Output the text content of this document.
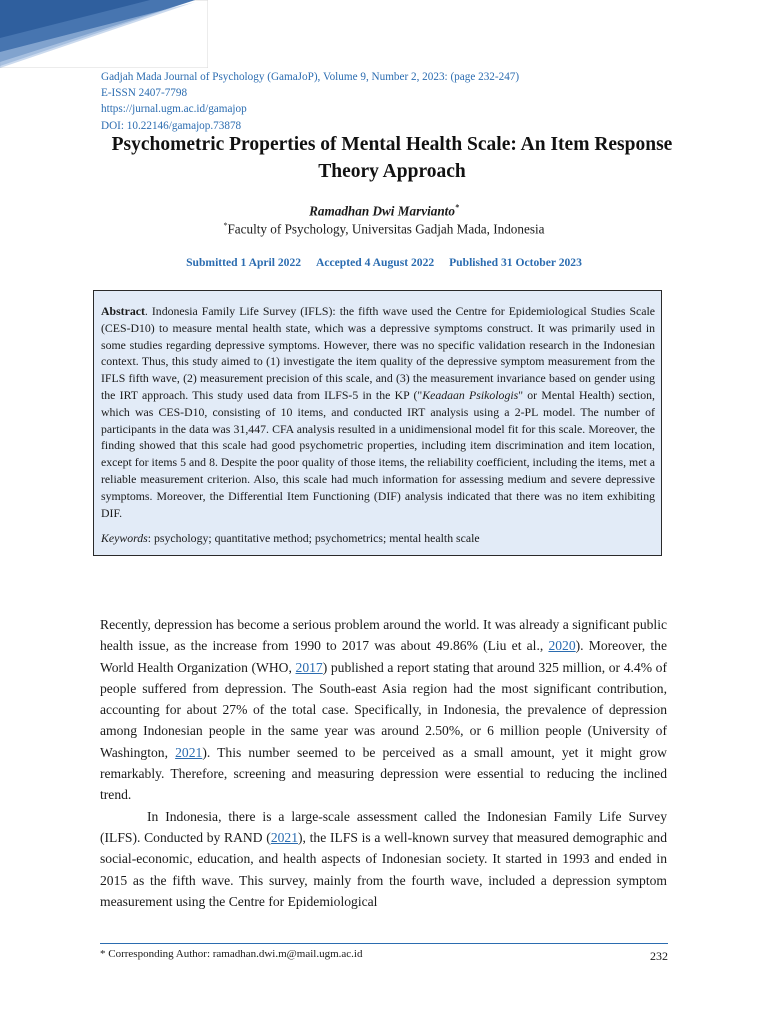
Gadjah Mada Journal of Psychology (GamaJoP), Volume 9, Number 2, 2023: (page 232-247)
E-ISSN 2407-7798
https://jurnal.ugm.ac.id/gamajop
DOI: 10.22146/gamajop.73878
Psychometric Properties of Mental Health Scale: An Item Response Theory Approach
Ramadhan Dwi Marvianto*
*Faculty of Psychology, Universitas Gadjah Mada, Indonesia
Submitted 1 April 2022 Accepted 4 August 2022 Published 31 October 2023

Abstract. Indonesia Family Life Survey (IFLS): the fifth wave used the Centre for Epidemiological Studies Scale (CES-D10) to measure mental health state, which was a depressive symptoms construct. It was primarily used in some studies regarding depressive symptoms. However, there was no specific validation research in the Indonesian context. Thus, this study aimed to (1) investigate the item quality of the depressive symptom measurement from the IFLS fifth wave, (2) measurement precision of this scale, and (3) the measurement invariance based on gender using the IRT approach. This study used data from ILFS-5 in the KP ("Keadaan Psikologis" or Mental Health) section, which was CES-D10, consisting of 10 items, and conducted IRT analysis using a 2-PL model. The number of participants in the data was 31,447. CFA analysis resulted in a unidimensional model fit for this scale. Moreover, the finding showed that this scale had good psychometric properties, including item discrimination and item location, except for items 5 and 8. Despite the poor quality of those items, the reliability coefficient, including the items, met a reliable measurement criterion. Also, this scale had much information for assessing medium and severe depressive symptoms. Moreover, the Differential Item Functioning (DIF) analysis indicated that there was no item exhibiting DIF.

Keywords: psychology; quantitative method; psychometrics; mental health scale

Recently, depression has become a serious problem around the world. It was already a significant public health issue, as the increase from 1990 to 2017 was about 49.86% (Liu et al., 2020). Moreover, the World Health Organization (WHO, 2017) published a report stating that around 325 million, or 4.4% of people suffered from depression. The South-east Asia region had the most significant contribution, accounting for about 27% of the total case. Specifically, in Indonesia, the prevalence of depression among Indonesian people in the same year was around 2.50%, or 6 million people (University of Washington, 2021). This number seemed to be perceived as a small amount, yet it might grow remarkably. Therefore, screening and measuring depression were essential to reducing the inclined trend.

In Indonesia, there is a large-scale assessment called the Indonesian Family Life Survey (ILFS). Conducted by RAND (2021), the ILFS is a well-known survey that measured demographic and social-economic, education, and health aspects of Indonesian society. It started in 1993 and ended in 2015 as the fifth wave. This survey, mainly from the fourth wave, included a depression symptom measurement using the Centre for Epidemiological

* Corresponding Author: ramadhan.dwi.m@mail.ugm.ac.id	232
